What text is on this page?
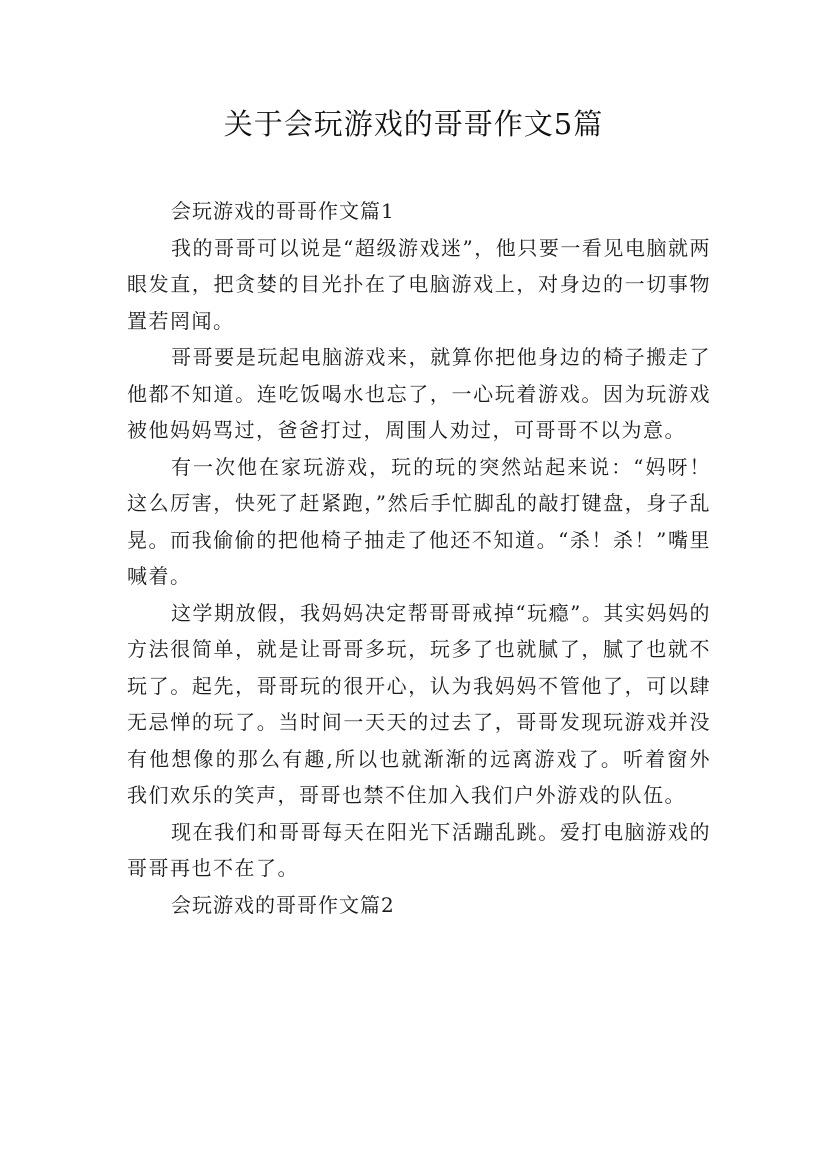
关于会玩游戏的哥哥作文5篇

会玩游戏的哥哥作文篇1

我的哥哥可以说是“超级游戏迷”，他只要一看见电脑就两眼发直，把贪婪的目光扑在了电脑游戏上，对身边的一切事物置若罔闻。

哥哥要是玩起电脑游戏来，就算你把他身边的椅子搬走了他都不知道。连吃饭喝水也忘了，一心玩着游戏。因为玩游戏被他妈妈骂过，爸爸打过，周围人劝过，可哥哥不以为意。

有一次他在家玩游戏，玩的玩的突然站起来说：“妈呀！这么厉害，快死了赶紧跑，”然后手忙脚乱的敲打键盘，身子乱晃。而我偷偷的把他椅子抽走了他还不知道。“杀！杀！”嘴里喊着。

这学期放假，我妈妈决定帮哥哥戒掉“玩瘾”。其实妈妈的方法很简单，就是让哥哥多玩，玩多了也就腻了，腻了也就不玩了。起先，哥哥玩的很开心，认为我妈妈不管他了，可以肆无忌惮的玩了。当时间一天天的过去了，哥哥发现玩游戏并没有他想像的那么有趣,所以也就渐渐的远离游戏了。听着窗外我们欢乐的笑声，哥哥也禁不住加入我们户外游戏的队伍。

现在我们和哥哥每天在阳光下活蹦乱跳。爱打电脑游戏的哥哥再也不在了。

会玩游戏的哥哥作文篇2
